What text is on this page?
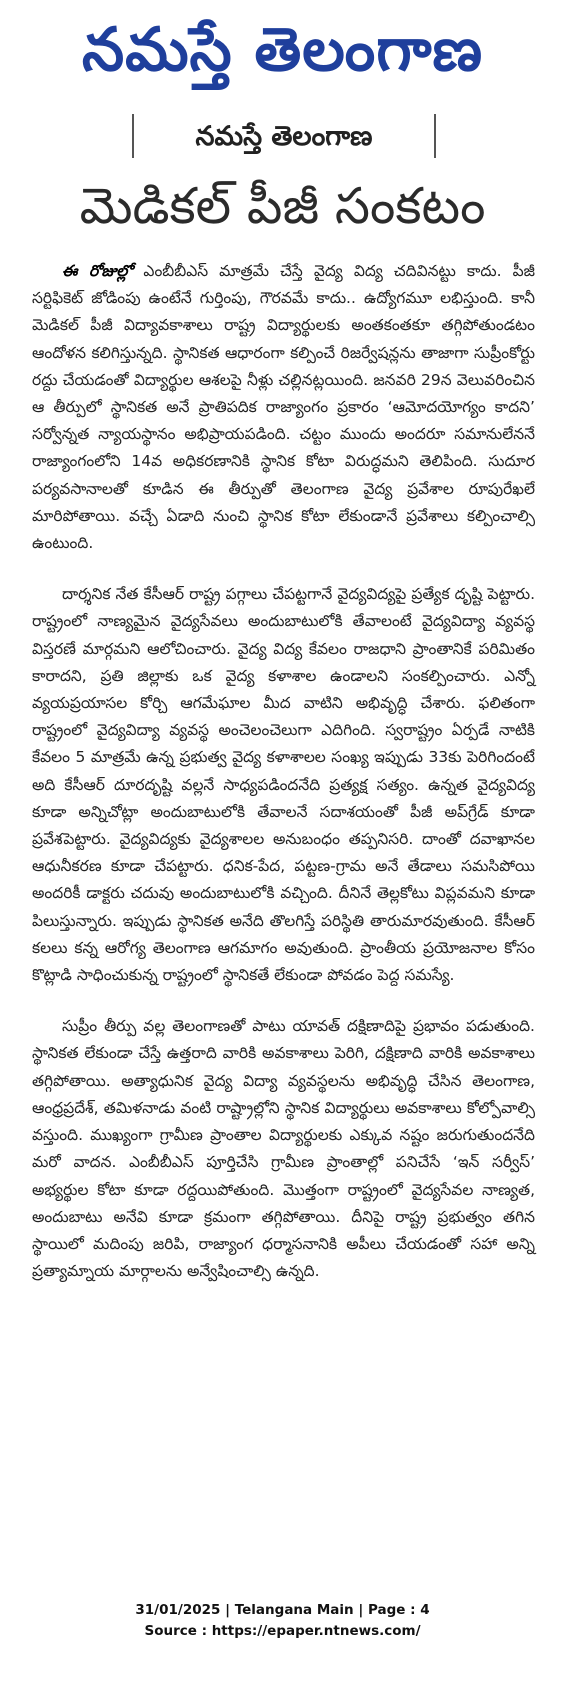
నమస్తే తెలంగాణ
నమస్తే తెలంగాణ
మెడికల్ పీజీ సంకటం

ఈ రోజుల్లో ఎంబీబీఎస్ మాత్రమే చేస్తే వైద్య విద్య చదివినట్టు కాదు. పీజీ సర్టిఫికెట్ జోడింపు ఉంటేనే గుర్తింపు, గౌరవమే కాదు.. ఉద్యోగమూ లభిస్తుంది. కానీ మెడికల్ పీజీ విద్యావకాశాలు రాష్ట్ర విద్యార్థులకు అంతకంతకూ తగ్గిపోతుండటం ఆందోళన కలిగిస్తున్నది. స్థానికత ఆధారంగా కల్పించే రిజర్వేషన్లను తాజాగా సుప్రీంకోర్టు రద్దు చేయడంతో విద్యార్థుల ఆశలపై నీళ్లు చల్లినట్లయింది. జనవరి 29న వెలువరించిన ఆ తీర్పులో స్థానికత అనే ప్రాతిపదిక రాజ్యాంగం ప్రకారం ‘ఆమోదయోగ్యం కాదని’ సర్వోన్నత న్యాయస్థానం అభిప్రాయపడింది. చట్టం ముందు అందరూ సమానులేననే రాజ్యాంగంలోని 14వ అధికరణానికి స్థానిక కోటా విరుద్ధమని తెలిపింది. సుదూర పర్యవసానాలతో కూడిన ఈ తీర్పుతో తెలంగాణ వైద్య ప్రవేశాల రూపురేఖలే మారిపోతాయి. వచ్చే ఏడాది నుంచి స్థానిక కోటా లేకుండానే ప్రవేశాలు కల్పించాల్సి ఉంటుంది.

దార్శనిక నేత కేసీఆర్ రాష్ట్ర పగ్గాలు చేపట్టగానే వైద్యవిద్యపై ప్రత్యేక దృష్టి పెట్టారు. రాష్ట్రంలో నాణ్యమైన వైద్యసేవలు అందుబాటులోకి తేవాలంటే వైద్యవిద్యా వ్యవస్థ విస్తరణే మార్గమని ఆలోచించారు. వైద్య విద్య కేవలం రాజధాని ప్రాంతానికే పరిమితం కారాదని, ప్రతి జిల్లాకు ఒక వైద్య కళాశాల ఉండాలని సంకల్పించారు. ఎన్నో వ్యయప్రయాసల కోర్చి ఆగమేఘాల మీద వాటిని అభివృద్ధి చేశారు. ఫలితంగా రాష్ట్రంలో వైద్యవిద్యా వ్యవస్థ అంచెలంచెలుగా ఎదిగింది. స్వరాష్ట్రం ఏర్పడే నాటికి కేవలం 5 మాత్రమే ఉన్న ప్రభుత్వ వైద్య కళాశాలల సంఖ్య ఇప్పుడు 33కు పెరిగిందంటే అది కేసీఆర్ దూరదృష్టి వల్లనే సాధ్యపడిందనేది ప్రత్యక్ష సత్యం. ఉన్నత వైద్యవిద్య కూడా అన్నిచోట్లా అందుబాటులోకి తేవాలనే సదాశయంతో పీజీ అప్‌గ్రేడ్ కూడా ప్రవేశపెట్టారు. వైద్యవిద్యకు వైద్యశాలల అనుబంధం తప్పనిసరి. దాంతో దవాఖానల ఆధునీకరణ కూడా చేపట్టారు. ధనిక-పేద, పట్టణ-గ్రామ అనే తేడాలు సమసిపోయి అందరికీ డాక్టరు చదువు అందుబాటులోకి వచ్చింది. దీనినే తెల్లకోటు విప్లవమని కూడా పిలుస్తున్నారు. ఇప్పుడు స్థానికత అనేది తొలగిస్తే పరిస్థితి తారుమారవుతుంది. కేసీఆర్ కలలు కన్న ఆరోగ్య తెలంగాణ ఆగమాగం అవుతుంది. ప్రాంతీయ ప్రయోజనాల కోసం కొట్లాడి సాధించుకున్న రాష్ట్రంలో స్థానికతే లేకుండా పోవడం పెద్ద సమస్యే.

సుప్రీం తీర్పు వల్ల తెలంగాణతో పాటు యావత్ దక్షిణాదిపై ప్రభావం పడుతుంది. స్థానికత లేకుండా చేస్తే ఉత్తరాది వారికి అవకాశాలు పెరిగి, దక్షిణాది వారికి అవకాశాలు తగ్గిపోతాయి. అత్యాధునిక వైద్య విద్యా వ్యవస్థలను అభివృద్ధి చేసిన తెలంగాణ, ఆంధ్రప్రదేశ్, తమిళనాడు వంటి రాష్ట్రాల్లోని స్థానిక విద్యార్థులు అవకాశాలు కోల్పోవాల్సి వస్తుంది. ముఖ్యంగా గ్రామీణ ప్రాంతాల విద్యార్థులకు ఎక్కువ నష్టం జరుగుతుందనేది మరో వాదన. ఎంబీబీఎస్ పూర్తిచేసి గ్రామీణ ప్రాంతాల్లో పనిచేసే ‘ఇన్ సర్వీస్’ అభ్యర్థుల కోటా కూడా రద్దయిపోతుంది. మొత్తంగా రాష్ట్రంలో వైద్యసేవల నాణ్యత, అందుబాటు అనేవి కూడా క్రమంగా తగ్గిపోతాయి. దీనిపై రాష్ట్ర ప్రభుత్వం తగిన స్థాయిలో మదింపు జరిపి, రాజ్యాంగ ధర్మాసనానికి అపీలు చేయడంతో సహా అన్ని ప్రత్యామ్నాయ మార్గాలను అన్వేషించాల్సి ఉన్నది.

31/01/2025 | Telangana Main | Page : 4
Source : https://epaper.ntnews.com/
